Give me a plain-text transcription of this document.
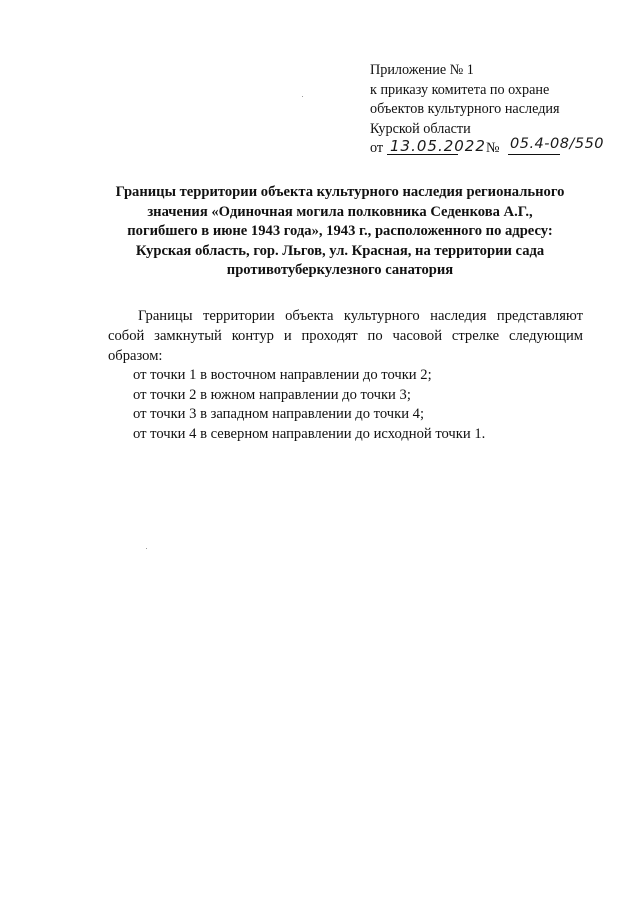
Приложение № 1
к приказу комитета по охране
объектов культурного наследия
Курской области
от 13.05.2022 № 05.4-08/550
Границы территории объекта культурного наследия регионального
значения «Одиночная могила полковника Седенкова А.Г.,
погибшего в июне 1943 года», 1943 г., расположенного по адресу:
Курская область, гор. Льгов, ул. Красная, на территории сада
противотуберкулезного санатория

Границы территории объекта культурного наследия представляют собой замкнутый контур и проходят по часовой стрелке следующим образом:

от точки 1 в восточном направлении до точки 2;
от точки 2 в южном направлении до точки 3;
от точки 3 в западном направлении до точки 4;
от точки 4 в северном направлении до исходной точки 1.
